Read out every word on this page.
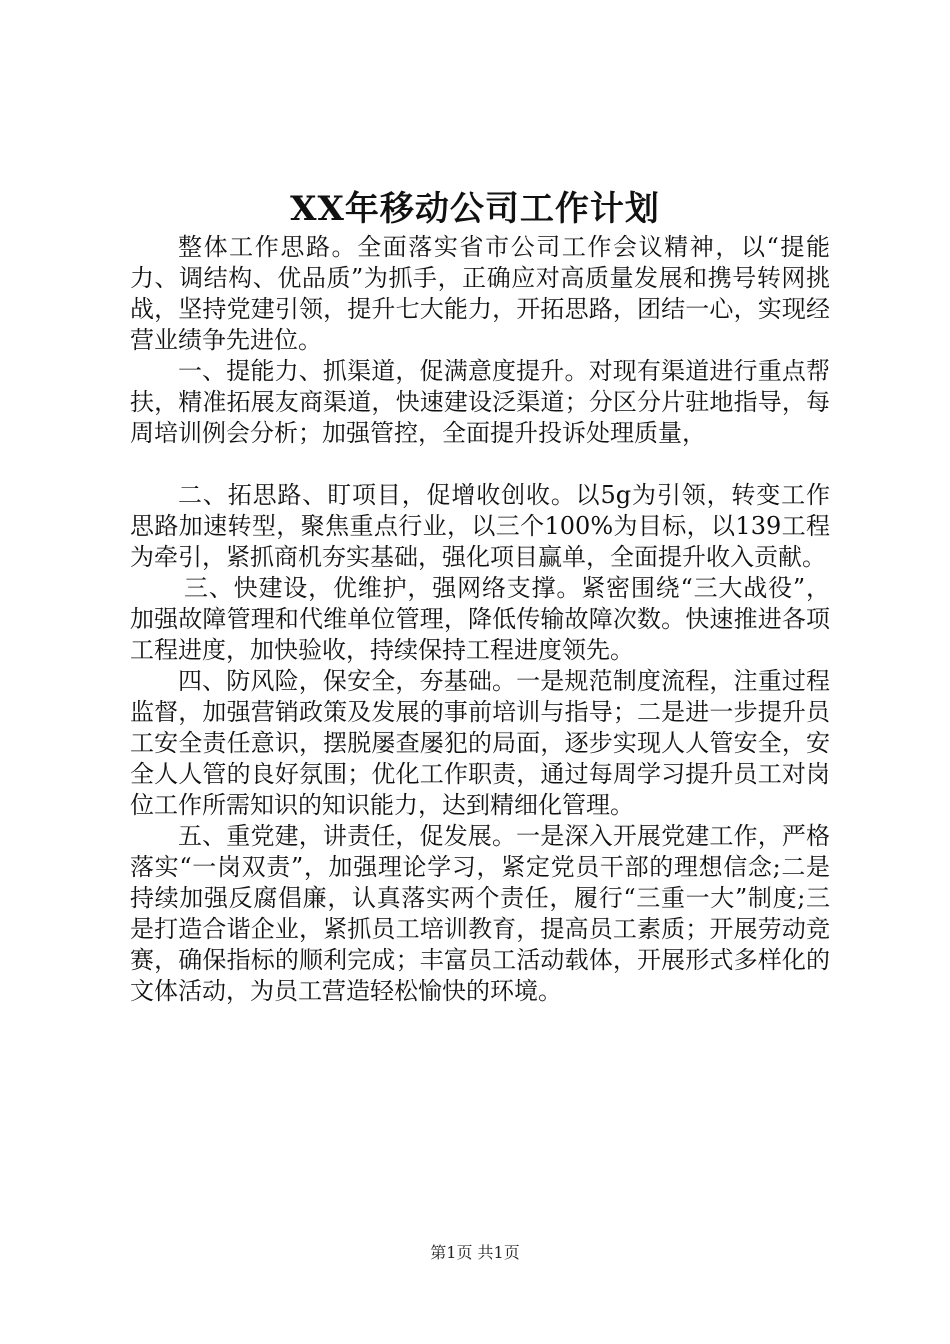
XX年移动公司工作计划

整体工作思路。全面落实省市公司工作会议精神，以“提能力、调结构、优品质”为抓手，正确应对高质量发展和携号转网挑战，坚持党建引领，提升七大能力，开拓思路，团结一心，实现经营业绩争先进位。

一、提能力、抓渠道，促满意度提升。对现有渠道进行重点帮扶，精准拓展友商渠道，快速建设泛渠道；分区分片驻地指导，每周培训例会分析；加强管控，全面提升投诉处理质量，

二、拓思路、盯项目，促增收创收。以5g为引领，转变工作思路加速转型，聚焦重点行业，以三个100%为目标，以139工程为牵引，紧抓商机夯实基础，强化项目赢单，全面提升收入贡献。

三、快建设，优维护，强网络支撑。紧密围绕“三大战役”，加强故障管理和代维单位管理，降低传输故障次数。快速推进各项工程进度，加快验收，持续保持工程进度领先。

四、防风险，保安全，夯基础。一是规范制度流程，注重过程监督，加强营销政策及发展的事前培训与指导；二是进一步提升员工安全责任意识，摆脱屡查屡犯的局面，逐步实现人人管安全，安全人人管的良好氛围；优化工作职责，通过每周学习提升员工对岗位工作所需知识的知识能力，达到精细化管理。

五、重党建，讲责任，促发展。一是深入开展党建工作，严格落实“一岗双责”，加强理论学习，紧定党员干部的理想信念;二是持续加强反腐倡廉，认真落实两个责任，履行“三重一大”制度;三是打造合谐企业，紧抓员工培训教育，提高员工素质；开展劳动竞赛，确保指标的顺利完成；丰富员工活动载体，开展形式多样化的文体活动，为员工营造轻松愉快的环境。

第1页 共1页
